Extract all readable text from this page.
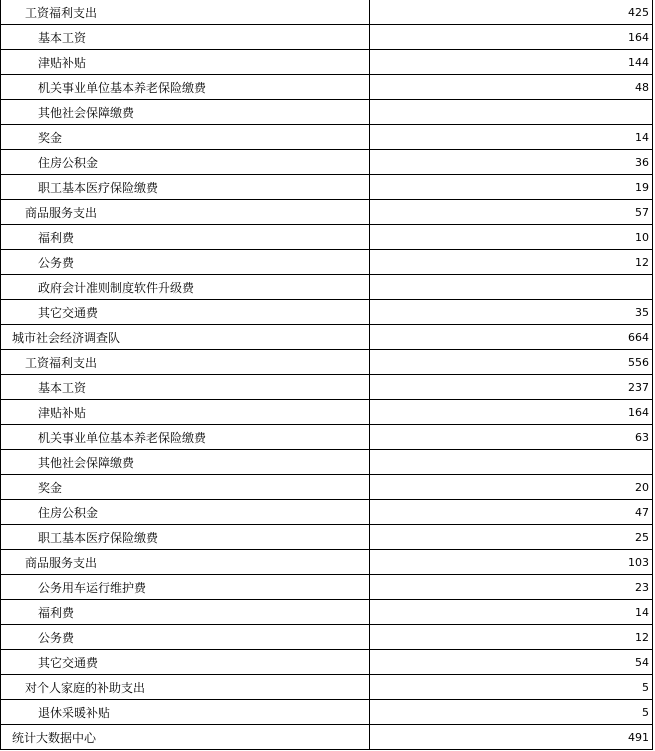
工资福利支出	425
基本工资	164
津贴补贴	144
机关事业单位基本养老保险缴费	48
其他社会保障缴费
奖金	14
住房公积金	36
职工基本医疗保险缴费	19
商品服务支出	57
福利费	10
公务费	12
政府会计准则制度软件升级费
其它交通费	35
城市社会经济调查队	664
工资福利支出	556
基本工资	237
津贴补贴	164
机关事业单位基本养老保险缴费	63
其他社会保障缴费
奖金	20
住房公积金	47
职工基本医疗保险缴费	25
商品服务支出	103
公务用车运行维护费	23
福利费	14
公务费	12
其它交通费	54
对个人家庭的补助支出	5
退休采暖补贴	5
统计大数据中心	491
